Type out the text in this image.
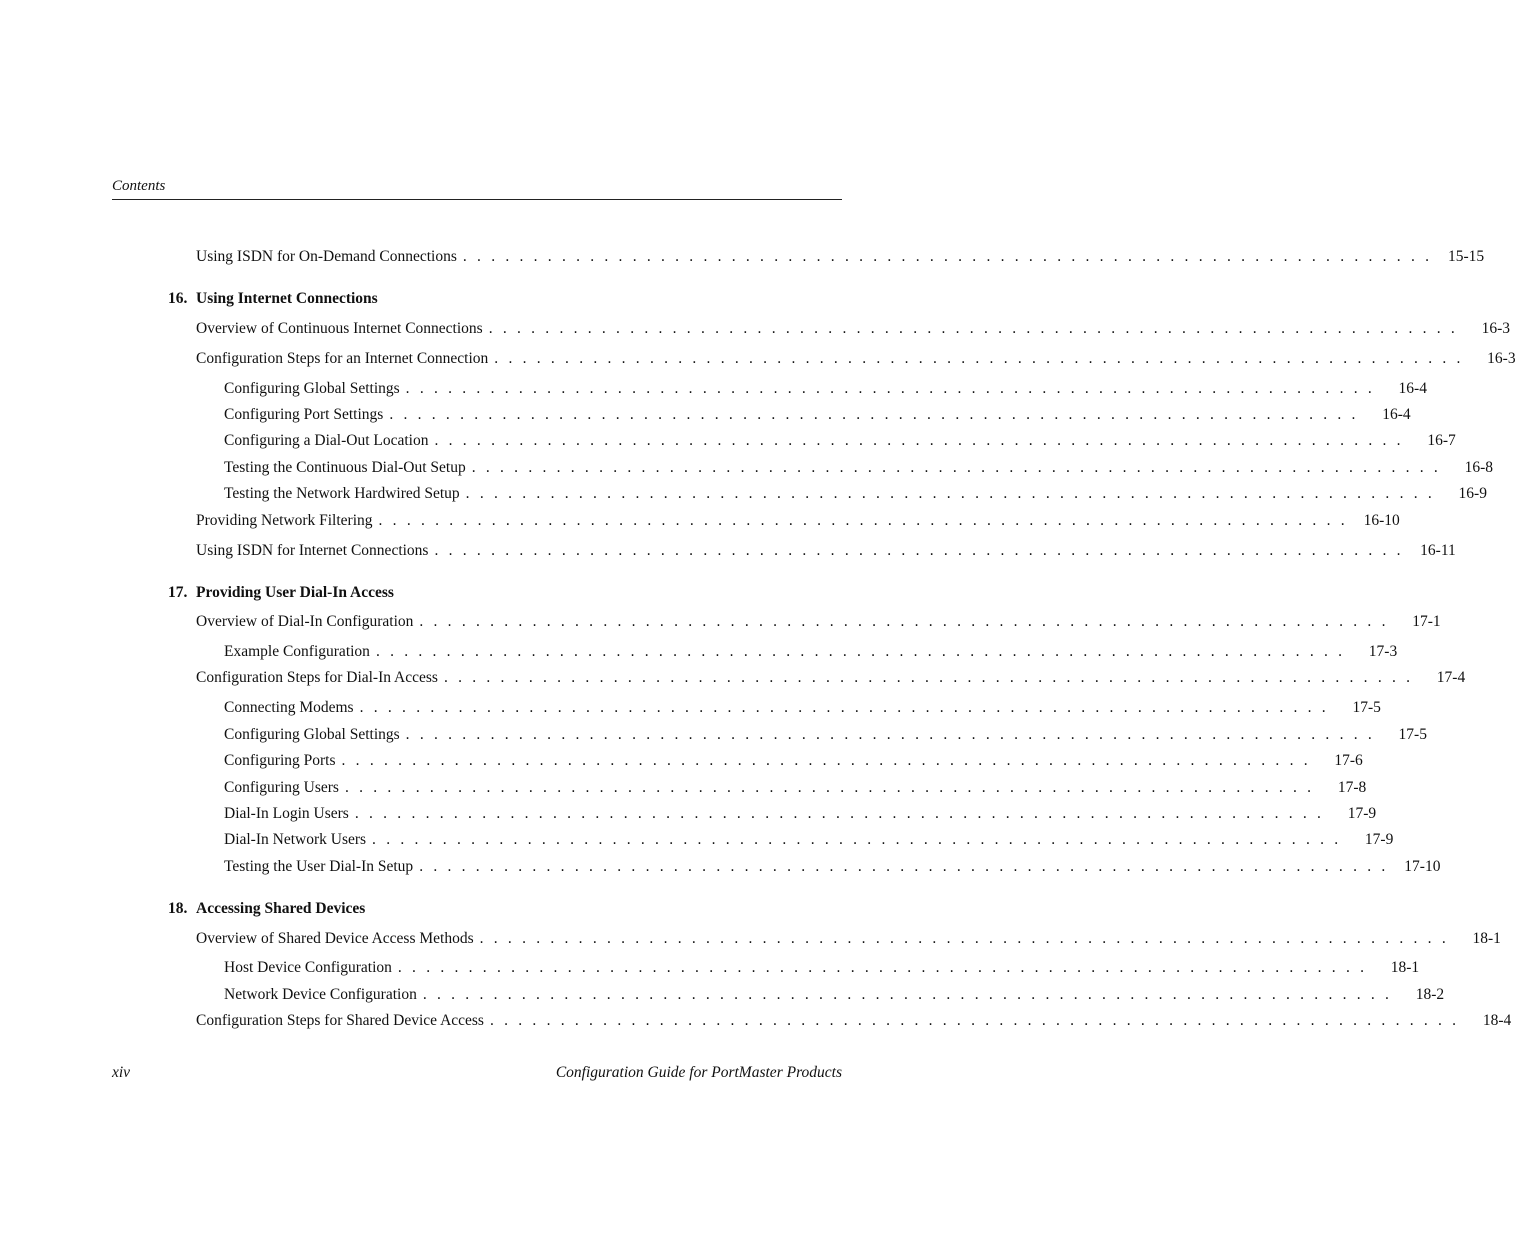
Contents
Using ISDN for On-Demand Connections . . . . . . . . . . . . . . . . . . . . . . . . . . . . . . . . . . . . . . . . . . . . . . . . . . . . . . . . . . . . . . . . . . . . .	15-15
16. Using Internet Connections
Overview of Continuous Internet Connections . . . . . . . . . . . . . . . . . . . . . . . . . . . . . . . . . . . . . . . . . . . . . . . . . . . . . . . . . . . . . . . . . . . . .	16-3
Configuration Steps for an Internet Connection . . . . . . . . . . . . . . . . . . . . . . . . . . . . . . . . . . . . . . . . . . . . . . . . . . . . . . . . . . . . . . . . . . . . .	16-3
Configuring Global Settings . . . . . . . . . . . . . . . . . . . . . . . . . . . . . . . . . . . . . . . . . . . . . . . . . . . . . . . . . . . . . . . . . . . . .	16-4
Configuring Port Settings . . . . . . . . . . . . . . . . . . . . . . . . . . . . . . . . . . . . . . . . . . . . . . . . . . . . . . . . . . . . . . . . . . . . .	16-4
Configuring a Dial-Out Location . . . . . . . . . . . . . . . . . . . . . . . . . . . . . . . . . . . . . . . . . . . . . . . . . . . . . . . . . . . . . . . . . . . . .	16-7
Testing the Continuous Dial-Out Setup . . . . . . . . . . . . . . . . . . . . . . . . . . . . . . . . . . . . . . . . . . . . . . . . . . . . . . . . . . . . . . . . . . . . .	16-8
Testing the Network Hardwired Setup . . . . . . . . . . . . . . . . . . . . . . . . . . . . . . . . . . . . . . . . . . . . . . . . . . . . . . . . . . . . . . . . . . . . .	16-9
Providing Network Filtering . . . . . . . . . . . . . . . . . . . . . . . . . . . . . . . . . . . . . . . . . . . . . . . . . . . . . . . . . . . . . . . . . . . . .	16-10
Using ISDN for Internet Connections . . . . . . . . . . . . . . . . . . . . . . . . . . . . . . . . . . . . . . . . . . . . . . . . . . . . . . . . . . . . . . . . . . . . .	16-11
17. Providing User Dial-In Access
Overview of Dial-In Configuration . . . . . . . . . . . . . . . . . . . . . . . . . . . . . . . . . . . . . . . . . . . . . . . . . . . . . . . . . . . . . . . . . . . . .	17-1
Example Configuration . . . . . . . . . . . . . . . . . . . . . . . . . . . . . . . . . . . . . . . . . . . . . . . . . . . . . . . . . . . . . . . . . . . . .	17-3
Configuration Steps for Dial-In Access . . . . . . . . . . . . . . . . . . . . . . . . . . . . . . . . . . . . . . . . . . . . . . . . . . . . . . . . . . . . . . . . . . . . .	17-4
Connecting Modems . . . . . . . . . . . . . . . . . . . . . . . . . . . . . . . . . . . . . . . . . . . . . . . . . . . . . . . . . . . . . . . . . . . . .	17-5
Configuring Global Settings . . . . . . . . . . . . . . . . . . . . . . . . . . . . . . . . . . . . . . . . . . . . . . . . . . . . . . . . . . . . . . . . . . . . .	17-5
Configuring Ports . . . . . . . . . . . . . . . . . . . . . . . . . . . . . . . . . . . . . . . . . . . . . . . . . . . . . . . . . . . . . . . . . . . . .	17-6
Configuring Users . . . . . . . . . . . . . . . . . . . . . . . . . . . . . . . . . . . . . . . . . . . . . . . . . . . . . . . . . . . . . . . . . . . . .	17-8
Dial-In Login Users . . . . . . . . . . . . . . . . . . . . . . . . . . . . . . . . . . . . . . . . . . . . . . . . . . . . . . . . . . . . . . . . . . . . .	17-9
Dial-In Network Users . . . . . . . . . . . . . . . . . . . . . . . . . . . . . . . . . . . . . . . . . . . . . . . . . . . . . . . . . . . . . . . . . . . . .	17-9
Testing the User Dial-In Setup . . . . . . . . . . . . . . . . . . . . . . . . . . . . . . . . . . . . . . . . . . . . . . . . . . . . . . . . . . . . . . . . . . . . .	17-10
18. Accessing Shared Devices
Overview of Shared Device Access Methods . . . . . . . . . . . . . . . . . . . . . . . . . . . . . . . . . . . . . . . . . . . . . . . . . . . . . . . . . . . . . . . . . . . . .	18-1
Host Device Configuration . . . . . . . . . . . . . . . . . . . . . . . . . . . . . . . . . . . . . . . . . . . . . . . . . . . . . . . . . . . . . . . . . . . . .	18-1
Network Device Configuration . . . . . . . . . . . . . . . . . . . . . . . . . . . . . . . . . . . . . . . . . . . . . . . . . . . . . . . . . . . . . . . . . . . . .	18-2
Configuration Steps for Shared Device Access . . . . . . . . . . . . . . . . . . . . . . . . . . . . . . . . . . . . . . . . . . . . . . . . . . . . . . . . . . . . . . . . . . . . .	18-4
xiv	Configuration Guide for PortMaster Products
